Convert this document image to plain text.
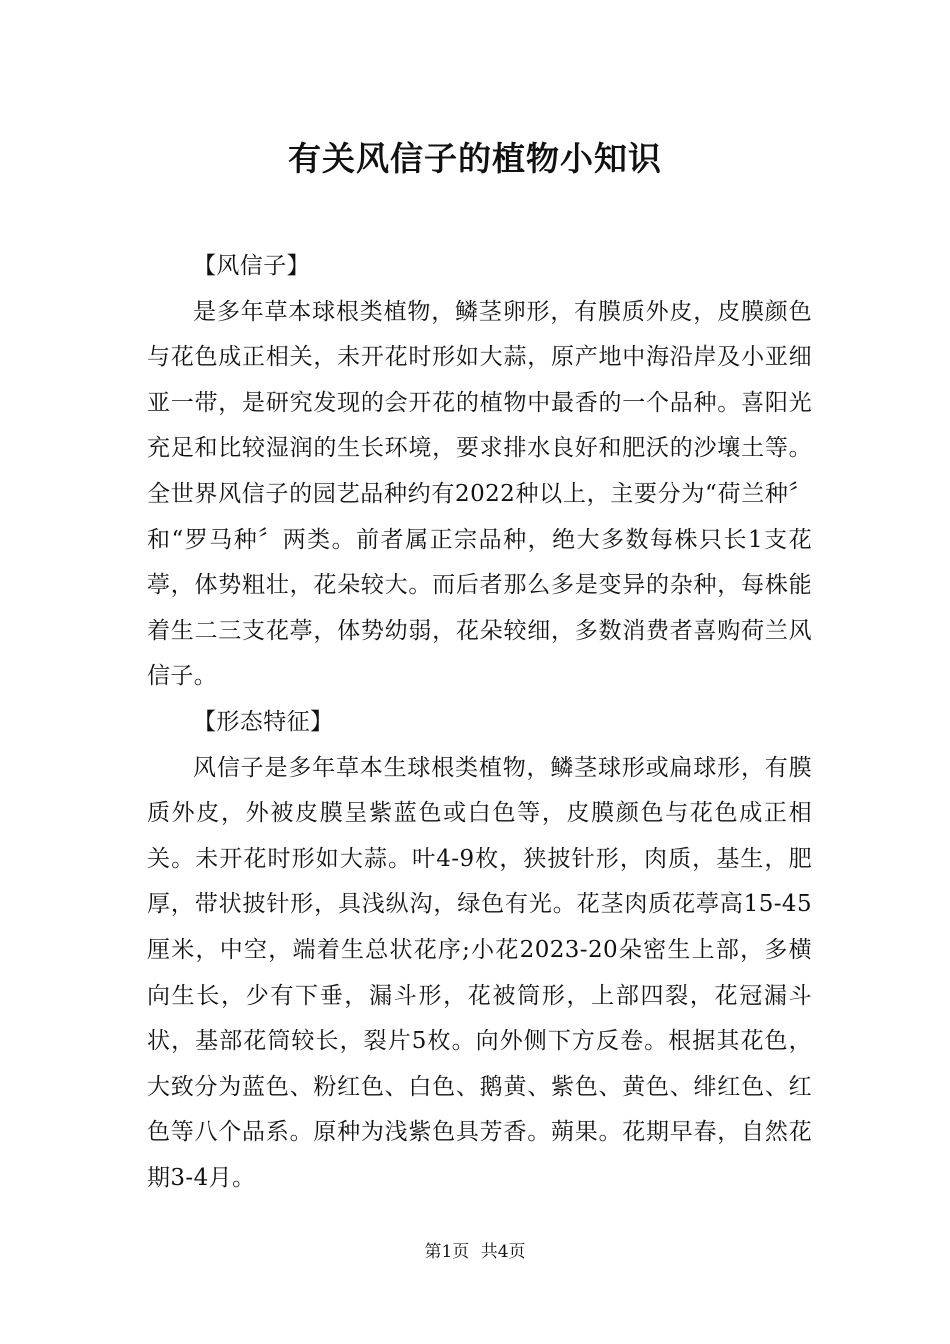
有关风信子的植物小知识

【风信子】

是多年草本球根类植物，鳞茎卵形，有膜质外皮，皮膜颜色与花色成正相关，未开花时形如大蒜，原产地中海沿岸及小亚细亚一带，是研究发现的会开花的植物中最香的一个品种。喜阳光充足和比较湿润的生长环境，要求排水良好和肥沃的沙壤土等。全世界风信子的园艺品种约有2022种以上，主要分为“荷兰种〞和“罗马种〞两类。前者属正宗品种，绝大多数每株只长1支花葶，体势粗壮，花朵较大。而后者那么多是变异的杂种，每株能着生二三支花葶，体势幼弱，花朵较细，多数消费者喜购荷兰风信子。

【形态特征】

风信子是多年草本生球根类植物，鳞茎球形或扁球形，有膜质外皮，外被皮膜呈紫蓝色或白色等，皮膜颜色与花色成正相关。未开花时形如大蒜。叶4-9枚，狭披针形，肉质，基生，肥厚，带状披针形，具浅纵沟，绿色有光。花茎肉质花葶高15-45厘米，中空，端着生总状花序;小花2023-20朵密生上部，多横向生长，少有下垂，漏斗形，花被筒形，上部四裂，花冠漏斗状，基部花筒较长，裂片5枚。向外侧下方反卷。根据其花色，大致分为蓝色、粉红色、白色、鹅黄、紫色、黄色、绯红色、红色等八个品系。原种为浅紫色具芳香。蒴果。花期早春，自然花期3-4月。

第1页 共4页
